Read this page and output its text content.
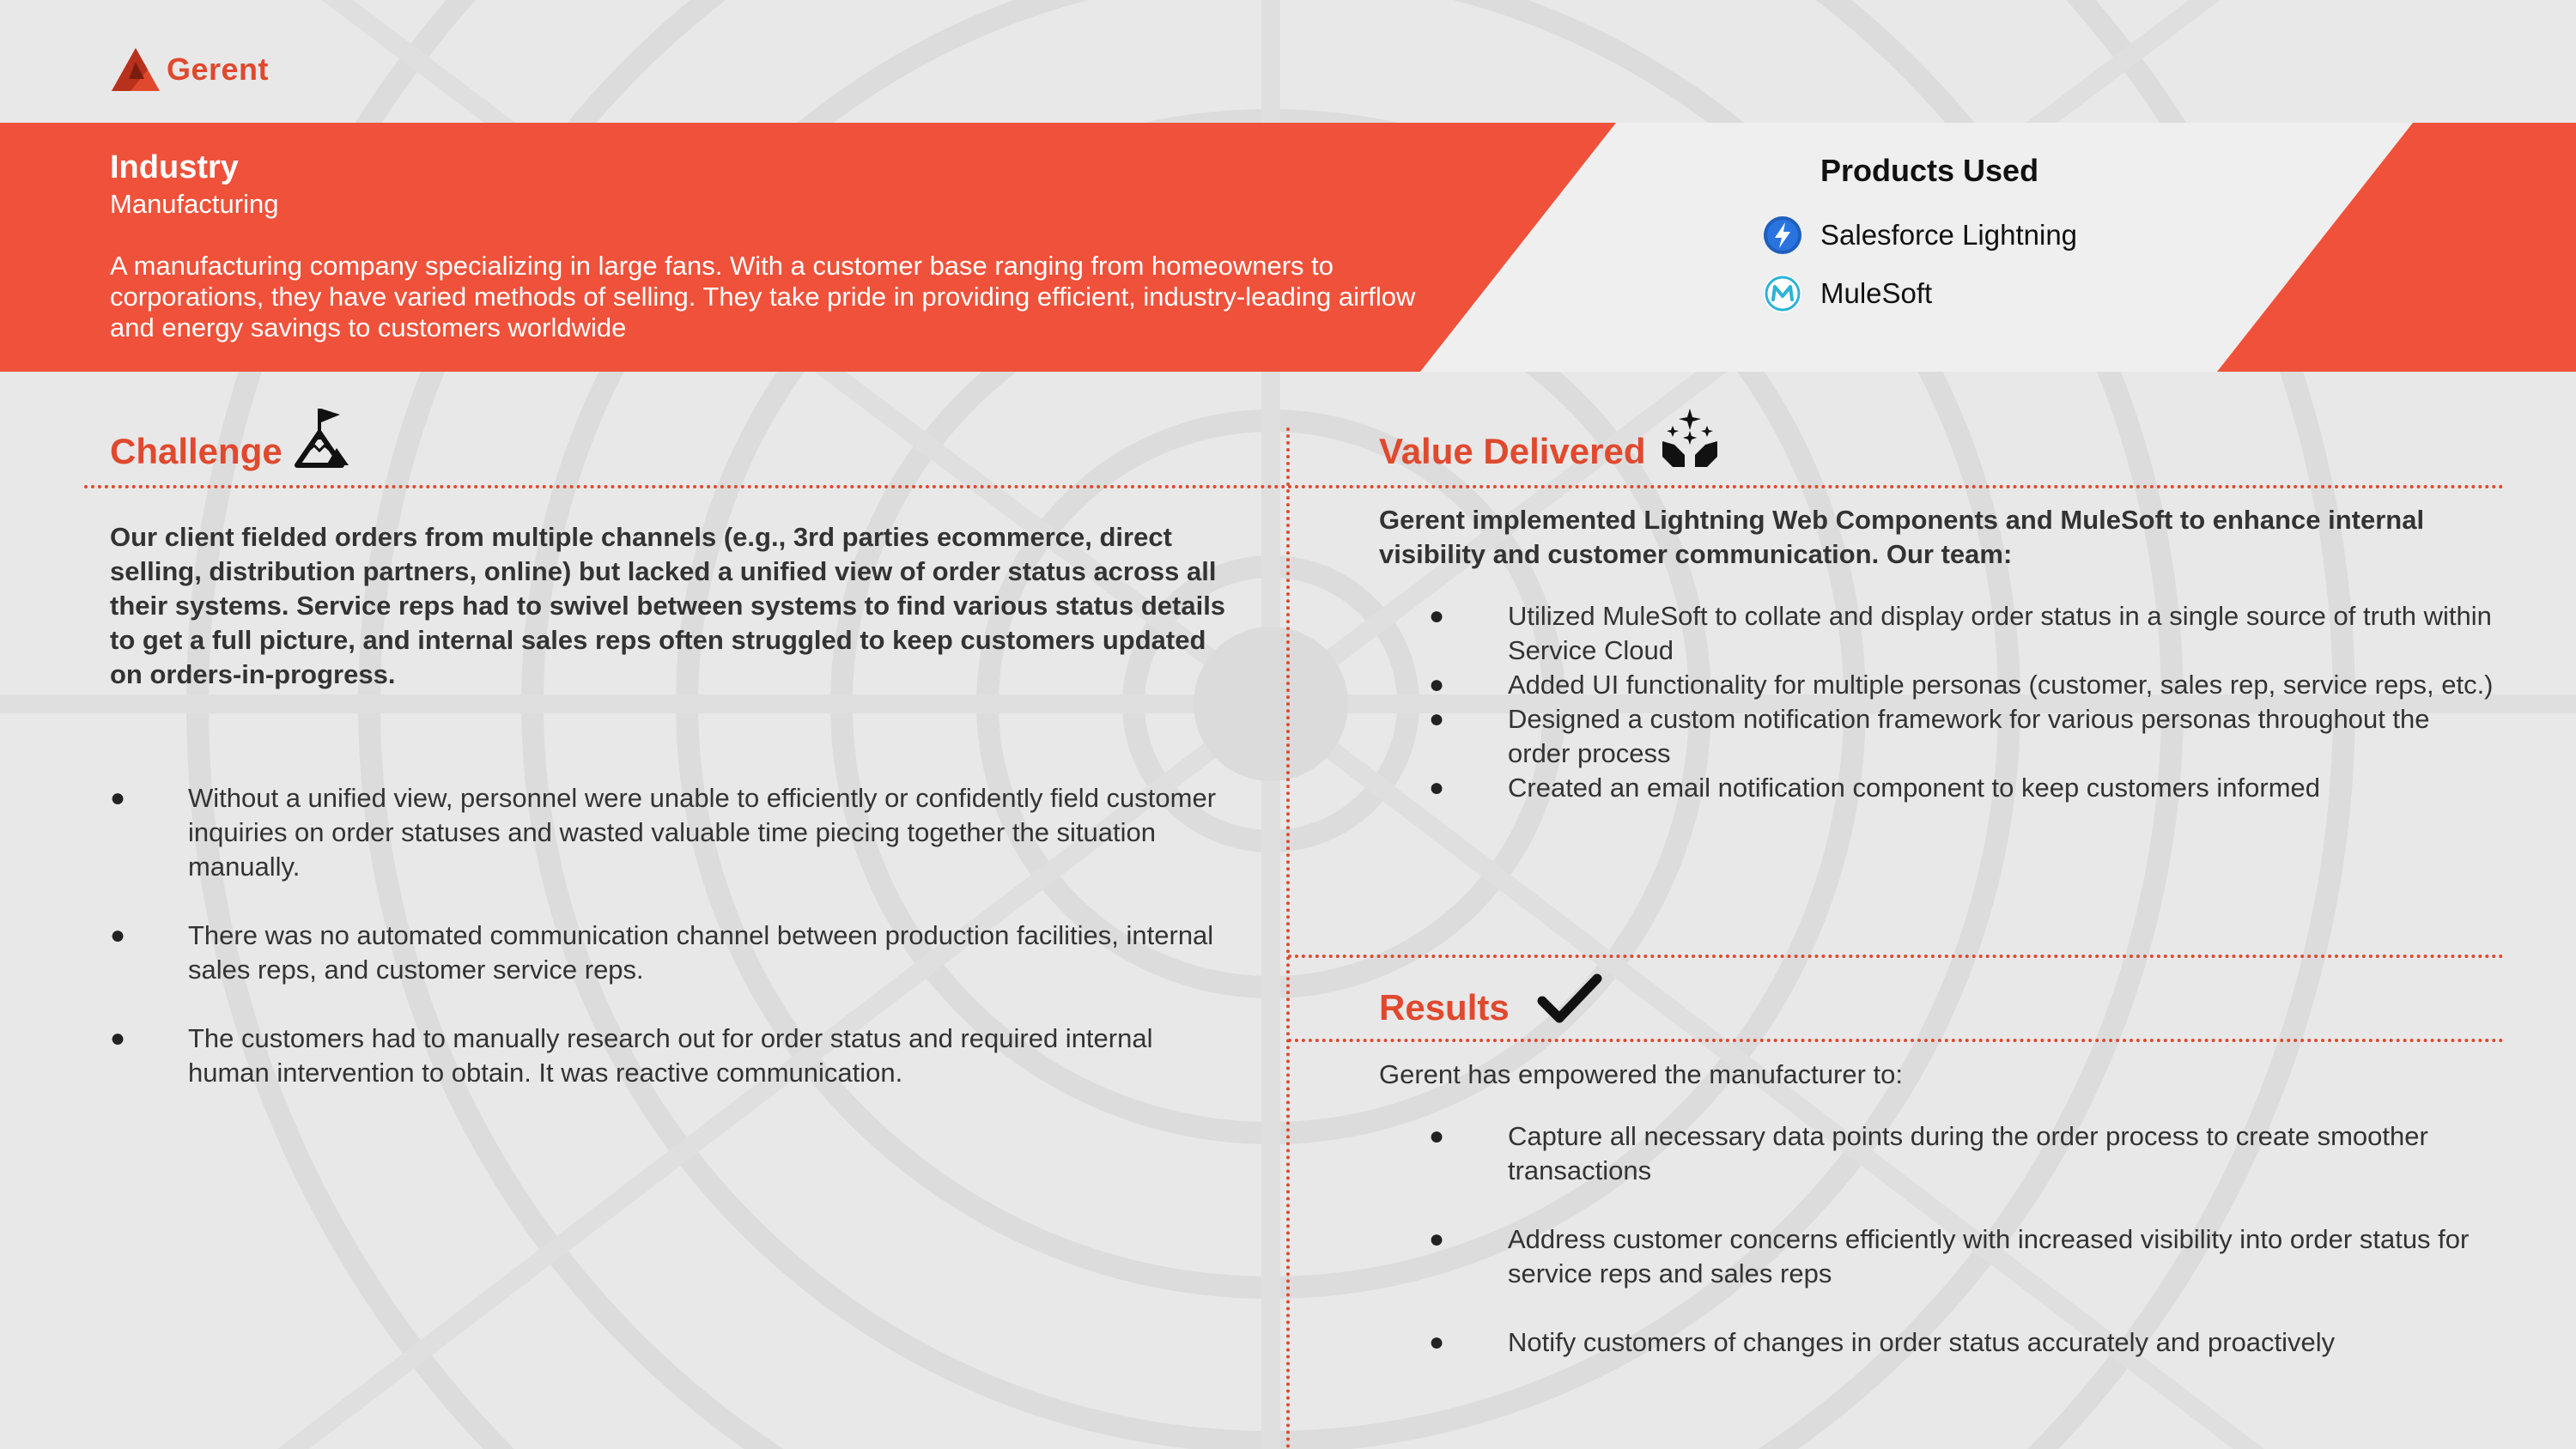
Gerent
Industry
Manufacturing
A manufacturing company specializing in large fans. With a customer base ranging from homeowners to corporations, they have varied methods of selling. They take pride in providing efficient, industry-leading airflow and energy savings to customers worldwide
Products Used
Salesforce Lightning
MuleSoft
Challenge
Our client fielded orders from multiple channels (e.g., 3rd parties ecommerce, direct selling, distribution partners, online) but lacked a unified view of order status across all their systems. Service reps had to swivel between systems to find various status details to get a full picture, and internal sales reps often struggled to keep customers updated on orders-in-progress.
● Without a unified view, personnel were unable to efficiently or confidently field customer inquiries on order statuses and wasted valuable time piecing together the situation manually.
● There was no automated communication channel between production facilities, internal sales reps, and customer service reps.
● The customers had to manually research out for order status and required internal human intervention to obtain. It was reactive communication.
Value Delivered
Gerent implemented Lightning Web Components and MuleSoft to enhance internal visibility and customer communication. Our team:
● Utilized MuleSoft to collate and display order status in a single source of truth within Service Cloud
● Added UI functionality for multiple personas (customer, sales rep, service reps, etc.)
● Designed a custom notification framework for various personas throughout the order process
● Created an email notification component to keep customers informed
Results
Gerent has empowered the manufacturer to:
● Capture all necessary data points during the order process to create smoother transactions
● Address customer concerns efficiently with increased visibility into order status for service reps and sales reps
● Notify customers of changes in order status accurately and proactively
